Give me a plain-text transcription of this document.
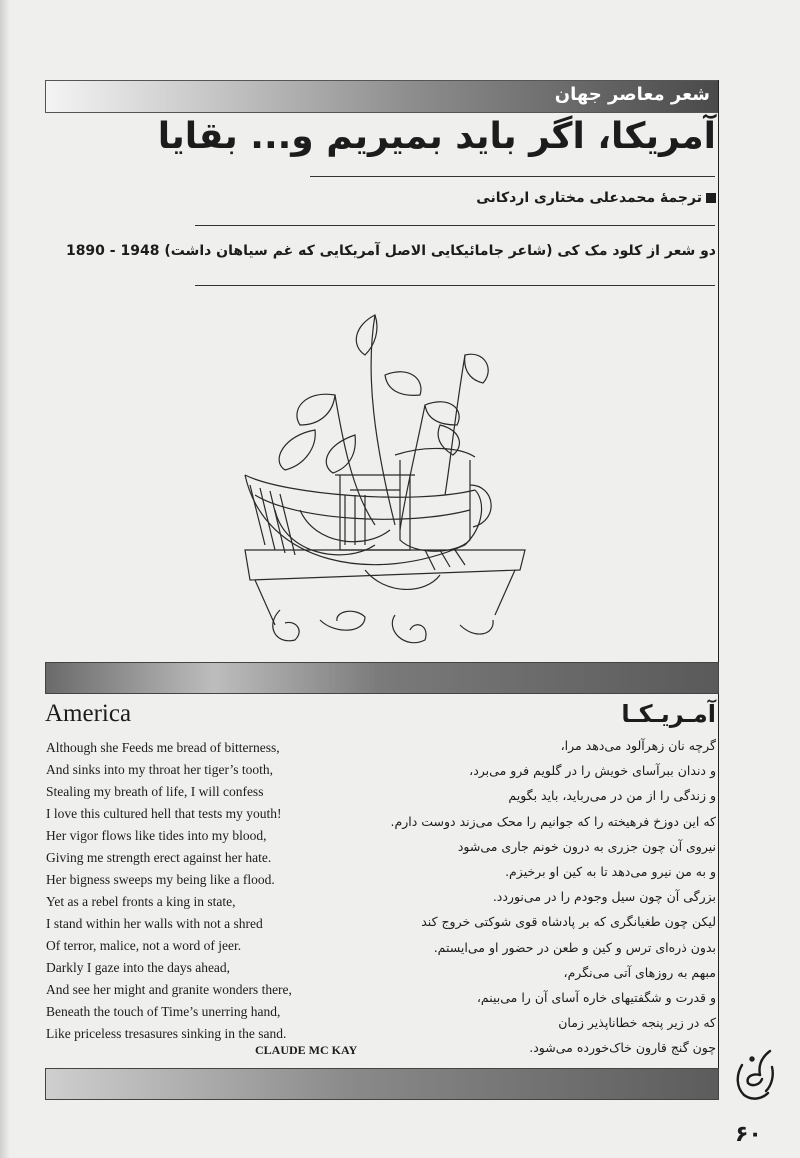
شعر معاصر جهان
آمریکا، اگر باید بمیریم و... بقایا
ترجمهٔ محمدعلی مختاری اردکانی
دو شعر از کلود مک کی (شاعر جامائیکایی الاصل آمریکایی که غم سیاهان داشت) 1948 - 1890
America
Although she Feeds me bread of bitterness,
And sinks into my throat her tiger’s tooth,
Stealing my breath of life, I will confess
I love this cultured hell that tests my youth!
Her vigor flows like tides into my blood,
Giving me strength erect against her hate.
Her bigness sweeps my being like a flood.
Yet as a rebel fronts a king in state,
I stand within her walls with not a shred
Of terror, malice, not a word of jeer.
Darkly I gaze into the days ahead,
And see her might and granite wonders there,
Beneath the touch of Time’s unerring hand,
Like priceless tresasures sinking in the sand.
CLAUDE MC KAY
آمـريـكـا
گرچه نان زهرآلود می‌دهد مرا،
و دندان ببرآسای خویش را در گلویم فرو می‌برد،
و زندگی را از من در می‌رباید، باید بگویم
که این دوزخ فرهیخته را که جوانیم را محک می‌زند دوست دارم.
نیروی آن چون جزری به درون خونم جاری می‌شود
و به من نیرو می‌دهد تا به کین او برخیزم.
بزرگی آن چون سیل وجودم را در می‌نوردد.
لیکن چون طغیانگری که بر پادشاه قوی شوکتی خروج کند
بدون ذره‌ای ترس و کین و طعن در حضور او می‌ایستم.
مبهم به روزهای آتی می‌نگرم،
و قدرت و شگفتیهای خاره آسای آن را می‌بینم،
که در زیر پنجه خطاناپذیر زمان
چون گنج قارون خاک‌خورده می‌شود.
۶۰
